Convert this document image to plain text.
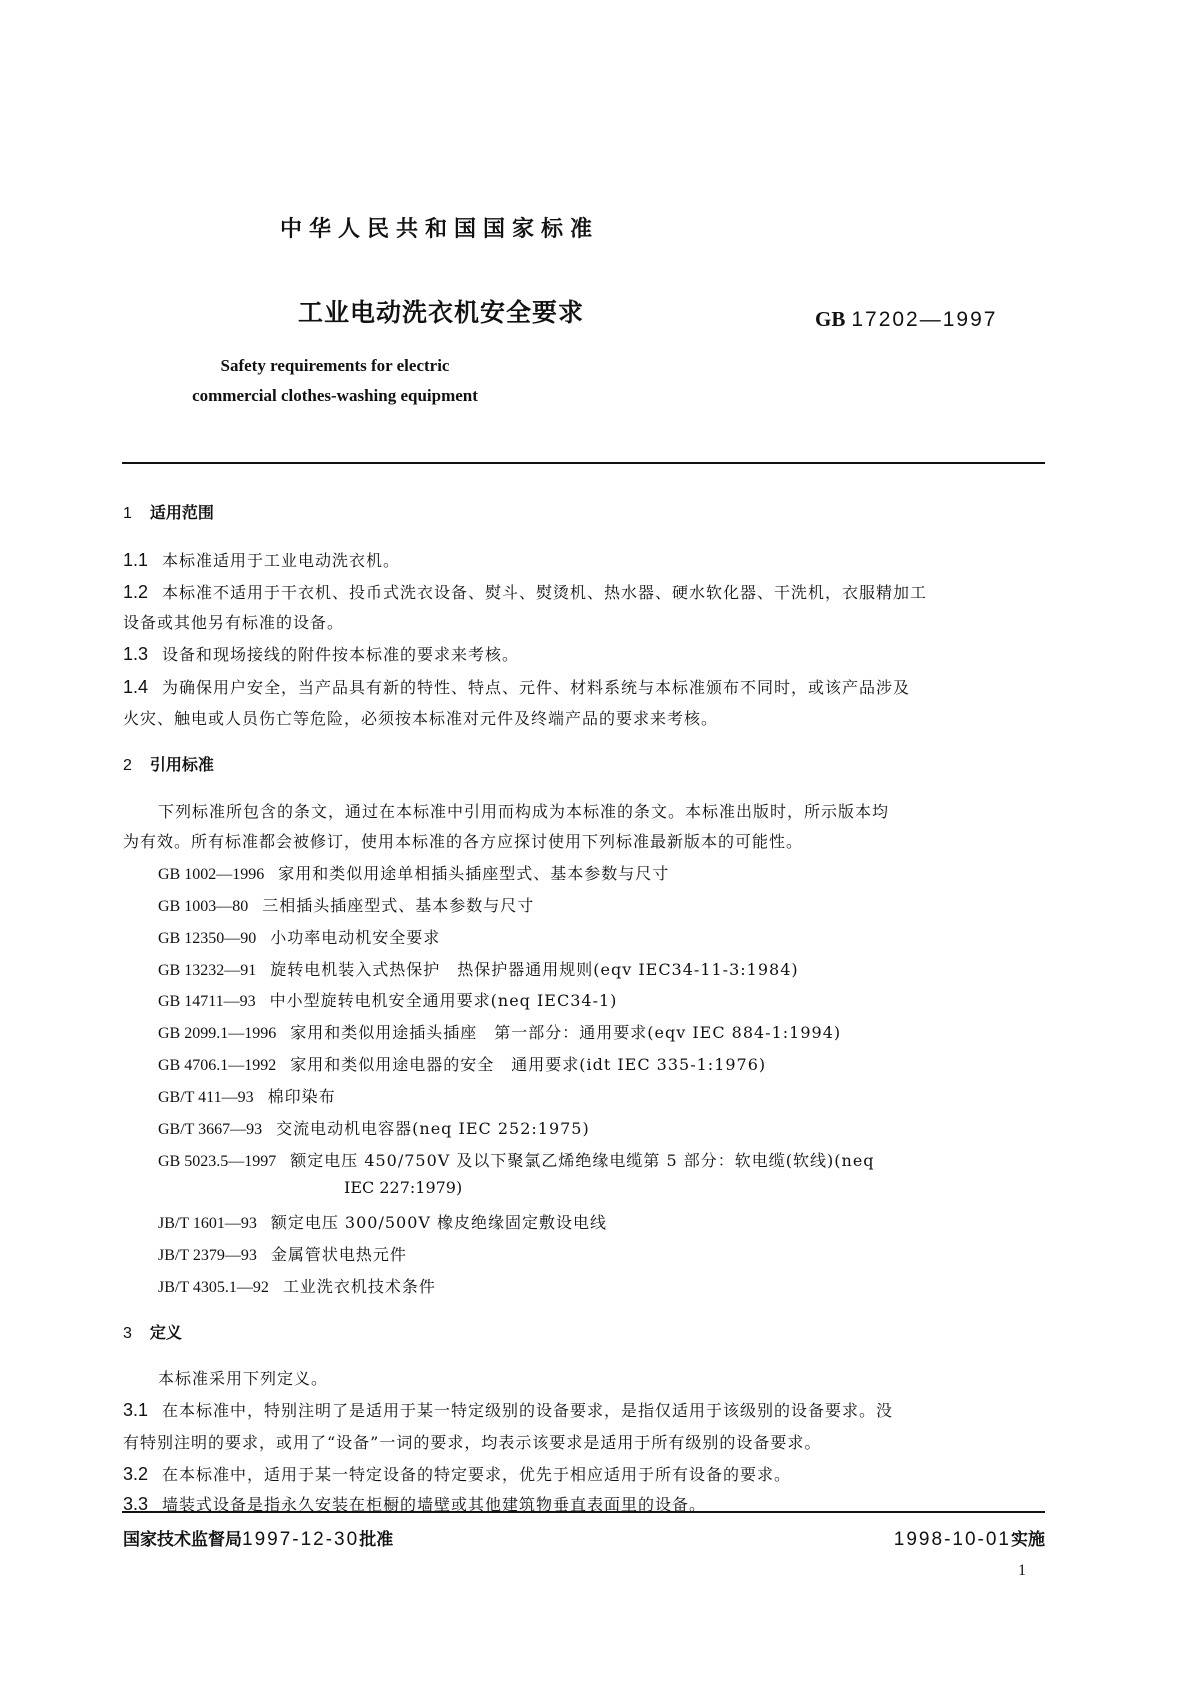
中华人民共和国国家标准
工业电动洗衣机安全要求	GB 17202—1997
Safety requirements for electric
commercial clothes-washing equipment
1 适用范围
1.1 本标准适用于工业电动洗衣机。
1.2 本标准不适用于干衣机、投币式洗衣设备、熨斗、熨烫机、热水器、硬水软化器、干洗机，衣服精加工
设备或其他另有标准的设备。
1.3 设备和现场接线的附件按本标准的要求来考核。
1.4 为确保用户安全，当产品具有新的特性、特点、元件、材料系统与本标准颁布不同时，或该产品涉及
火灾、触电或人员伤亡等危险，必须按本标准对元件及终端产品的要求来考核。
2 引用标准
下列标准所包含的条文，通过在本标准中引用而构成为本标准的条文。本标准出版时，所示版本均
为有效。所有标准都会被修订，使用本标准的各方应探讨使用下列标准最新版本的可能性。
GB 1002—1996 家用和类似用途单相插头插座型式、基本参数与尺寸
GB 1003—80 三相插头插座型式、基本参数与尺寸
GB 12350—90 小功率电动机安全要求
GB 13232—91 旋转电机装入式热保护　热保护器通用规则(eqv IEC34-11-3:1984)
GB 14711—93 中小型旋转电机安全通用要求(neq IEC34-1)
GB 2099.1—1996 家用和类似用途插头插座　第一部分：通用要求(eqv IEC 884-1:1994)
GB 4706.1—1992 家用和类似用途电器的安全　通用要求(idt IEC 335-1:1976)
GB/T 411—93 棉印染布
GB/T 3667—93 交流电动机电容器(neq IEC 252:1975)
GB 5023.5—1997 额定电压 450/750V 及以下聚氯乙烯绝缘电缆第 5 部分：软电缆(软线)(neq
IEC 227:1979)
JB/T 1601—93 额定电压 300/500V 橡皮绝缘固定敷设电线
JB/T 2379—93 金属管状电热元件
JB/T 4305.1—92 工业洗衣机技术条件
3 定义
本标准采用下列定义。
3.1 在本标准中，特别注明了是适用于某一特定级别的设备要求，是指仅适用于该级别的设备要求。没
有特别注明的要求，或用了“设备”一词的要求，均表示该要求是适用于所有级别的设备要求。
3.2 在本标准中，适用于某一特定设备的特定要求，优先于相应适用于所有设备的要求。
3.3 墙装式设备是指永久安装在柜橱的墙壁或其他建筑物垂直表面里的设备。
国家技术监督局1997-12-30批准	1998-10-01实施
1
